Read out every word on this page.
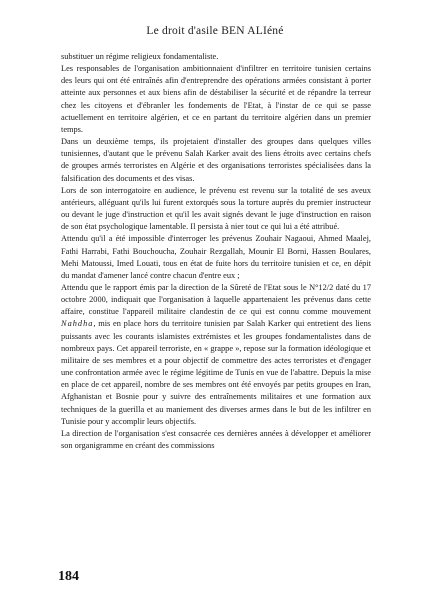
Le droit d'asile BEN ALIéné

substituer un régime religieux fondamentaliste.

Les responsables de l'organisation ambitionnaient d'infiltrer en territoire tunisien certains des leurs qui ont été entraînés afin d'entreprendre des opérations armées consistant à porter atteinte aux personnes et aux biens afin de déstabiliser la sécurité et de répandre la terreur chez les citoyens et d'ébranler les fondements de l'Etat, à l'instar de ce qui se passe actuellement en territoire algérien, et ce en partant du territoire algérien dans un premier temps.

Dans un deuxième temps, ils projetaient d'installer des groupes dans quelques villes tunisiennes, d'autant que le prévenu Salah Karker avait des liens étroits avec certains chefs de groupes armés terroristes en Algérie et des organisations terroristes spécialisées dans la falsification des documents et des visas.

Lors de son interrogatoire en audience, le prévenu est revenu sur la totalité de ses aveux antérieurs, alléguant qu'ils lui furent extorqués sous la torture auprès du premier instructeur ou devant le juge d'instruction et qu'il les avait signés devant le juge d'instruction en raison de son état psychologique lamentable. Il persista à nier tout ce qui lui a été attribué.

Attendu qu'il a été impossible d'interroger les prévenus Zouhair Nagaoui, Ahmed Maalej, Fathi Harrabi, Fathi Bouchoucha, Zouhair Rezgallah, Mounir El Borni, Hassen Boulares, Mehi Matoussi, Imed Louati, tous en état de fuite hors du territoire tunisien et ce, en dépit du mandat d'amener lancé contre chacun d'entre eux ;

Attendu que le rapport émis par la direction de la Sûreté de l'Etat sous le N°12/2 daté du 17 octobre 2000, indiquait que l'organisation à laquelle appartenaient les prévenus dans cette affaire, constitue l'appareil militaire clandestin de ce qui est connu comme mouvement Nahdha, mis en place hors du territoire tunisien par Salah Karker qui entretient des liens puissants avec les courants islamistes extrémistes et les groupes fondamentalistes dans de nombreux pays. Cet appareil terroriste, en « grappe », repose sur la formation idéologique et militaire de ses membres et a pour objectif de commettre des actes terroristes et d'engager une confrontation armée avec le régime légitime de Tunis en vue de l'abattre. Depuis la mise en place de cet appareil, nombre de ses membres ont été envoyés par petits groupes en Iran, Afghanistan et Bosnie pour y suivre des entraînements militaires et une formation aux techniques de la guerilla et au maniement des diverses armes dans le but de les infiltrer en Tunisie pour y accomplir leurs objectifs.

La direction de l'organisation s'est consacrée ces dernières années à développer et améliorer son organigramme en créant des commissions

184
